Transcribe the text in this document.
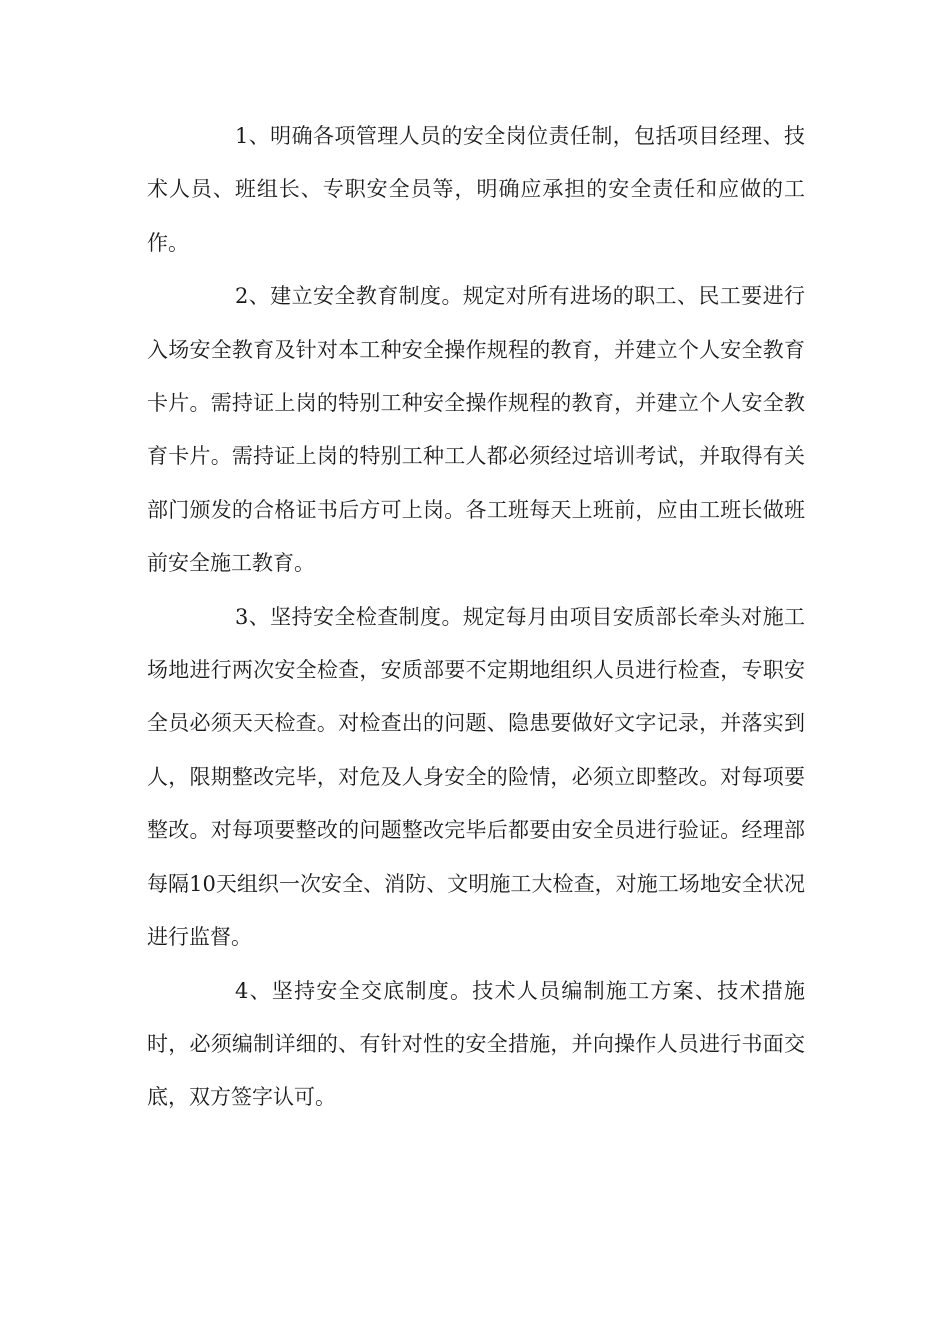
1、明确各项管理人员的安全岗位责任制，包括项目经理、技术人员、班组长、专职安全员等，明确应承担的安全责任和应做的工作。

2、建立安全教育制度。规定对所有进场的职工、民工要进行入场安全教育及针对本工种安全操作规程的教育，并建立个人安全教育卡片。需持证上岗的特别工种安全操作规程的教育，并建立个人安全教育卡片。需持证上岗的特别工种工人都必须经过培训考试，并取得有关部门颁发的合格证书后方可上岗。各工班每天上班前，应由工班长做班前安全施工教育。

3、坚持安全检查制度。规定每月由项目安质部长牵头对施工场地进行两次安全检查，安质部要不定期地组织人员进行检查，专职安全员必须天天检查。对检查出的问题、隐患要做好文字记录，并落实到人，限期整改完毕，对危及人身安全的险情，必须立即整改。对每项要整改。对每项要整改的问题整改完毕后都要由安全员进行验证。经理部每隔10天组织一次安全、消防、文明施工大检查，对施工场地安全状况进行监督。

4、坚持安全交底制度。技术人员编制施工方案、技术措施时，必须编制详细的、有针对性的安全措施，并向操作人员进行书面交底，双方签字认可。
